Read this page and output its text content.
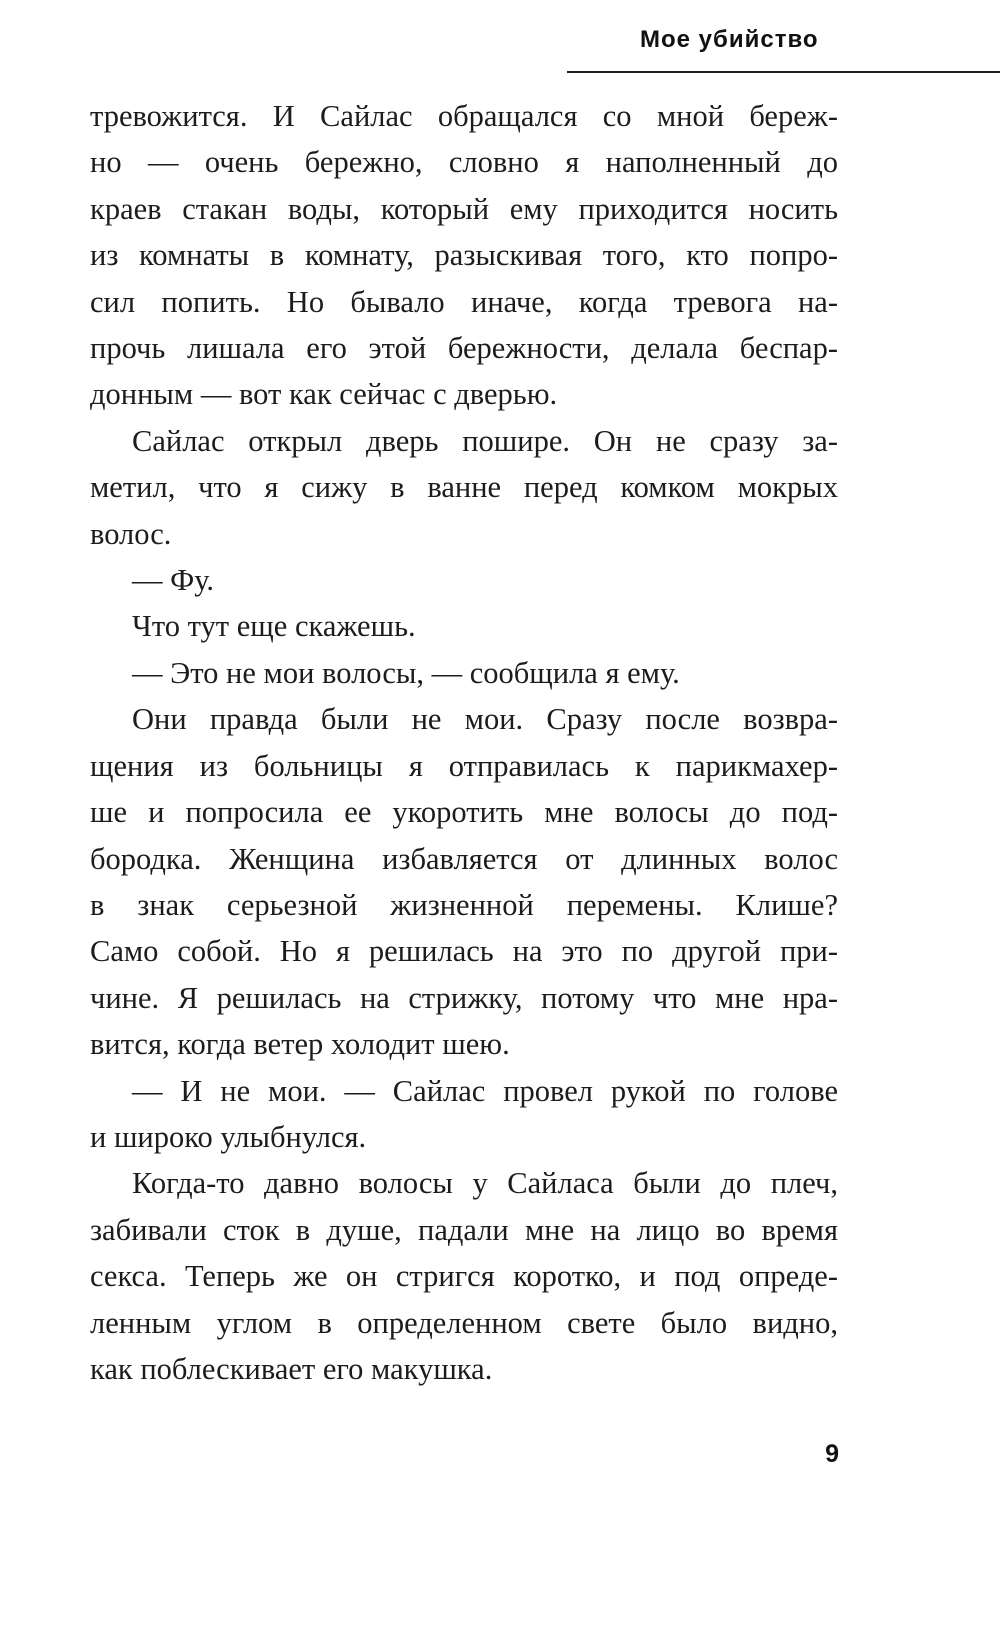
Мое убийство

тревожится. И Сайлас обращался со мной береж-
но — очень бережно, словно я наполненный до
краев стакан воды, который ему приходится носить
из комнаты в комнату, разыскивая того, кто попро-
сил попить. Но бывало иначе, когда тревога на-
прочь лишала его этой бережности, делала беспар-
донным — вот как сейчас с дверью.

Сайлас открыл дверь пошире. Он не сразу за-
метил, что я сижу в ванне перед комком мокрых
волос.

— Фу.

Что тут еще скажешь.

— Это не мои волосы, — сообщила я ему.

Они правда были не мои. Сразу после возвра-
щения из больницы я отправилась к парикмахер-
ше и попросила ее укоротить мне волосы до под-
бородка. Женщина избавляется от длинных волос
в знак серьезной жизненной перемены. Клише?
Само собой. Но я решилась на это по другой при-
чине. Я решилась на стрижку, потому что мне нра-
вится, когда ветер холодит шею.

— И не мои. — Сайлас провел рукой по голове
и широко улыбнулся.

Когда-то давно волосы у Сайласа были до плеч,
забивали сток в душе, падали мне на лицо во время
секса. Теперь же он стригся коротко, и под опреде-
ленным углом в определенном свете было видно,
как поблескивает его макушка.

9
